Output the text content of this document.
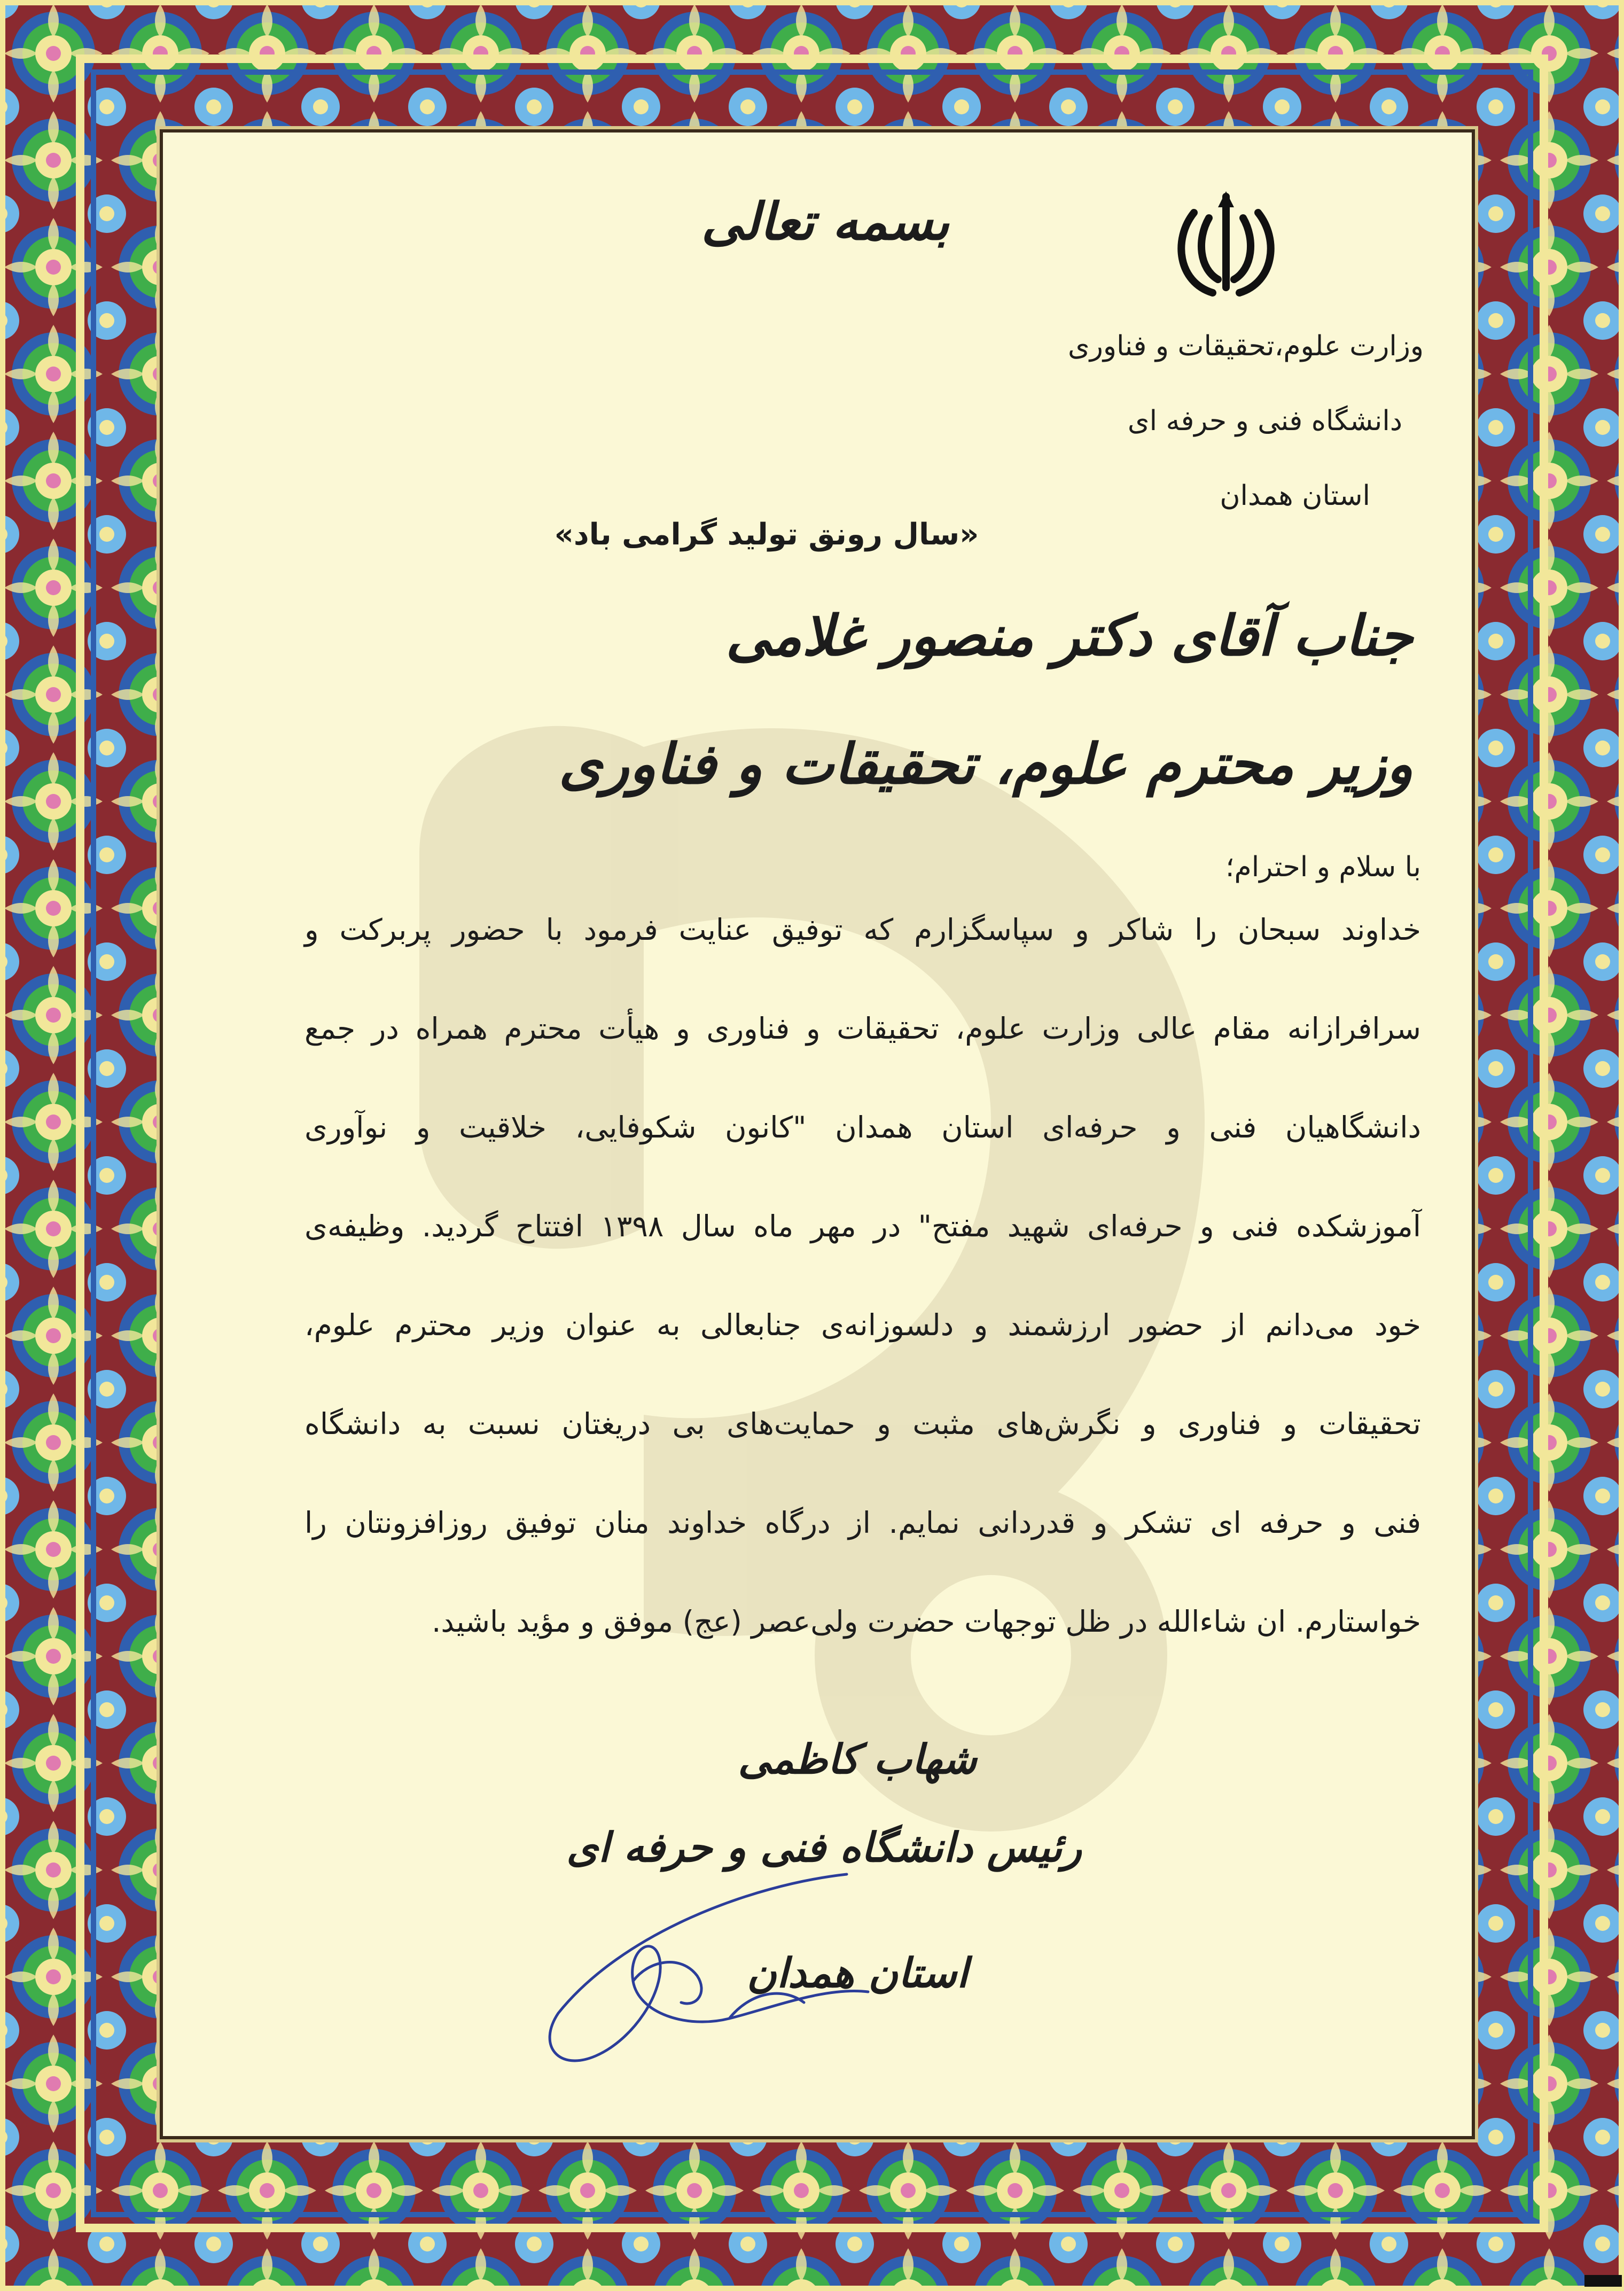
بسمه تعالی
وزارت علوم،تحقیقات و فناوری
دانشگاه فنی و حرفه ای
استان همدان
«سال رونق تولید گرامی باد»
جناب آقای دکتر منصور غلامی
وزیر محترم علوم، تحقیقات و فناوری
با سلام و احترام؛
خداوند سبحان را شاکر و سپاسگزارم که توفیق عنایت فرمود با حضور پربرکت و
سرافرازانه مقام عالی وزارت علوم، تحقیقات و فناوری و هیأت محترم همراه در جمع
دانشگاهیان فنی و حرفه‌ای استان همدان "کانون شکوفایی، خلاقیت و نوآوری
آموزشکده فنی و حرفه‌ای شهید مفتح" در مهر ماه سال ۱۳۹۸ افتتاح گردید. وظیفه‌ی
خود می‌دانم از حضور ارزشمند و دلسوزانه‌ی جنابعالی به عنوان وزیر محترم علوم،
تحقیقات و فناوری و نگرش‌های مثبت و حمایت‌های بی دریغتان نسبت به دانشگاه
فنی و حرفه ای تشکر و قدردانی نمایم. از درگاه خداوند منان توفیق روزافزونتان را
خواستارم. ان شاءالله در ظل توجهات حضرت ولی‌عصر (عج) موفق و مؤید باشید.
شهاب کاظمی
رئیس دانشگاه فنی و حرفه ای
استان همدان
